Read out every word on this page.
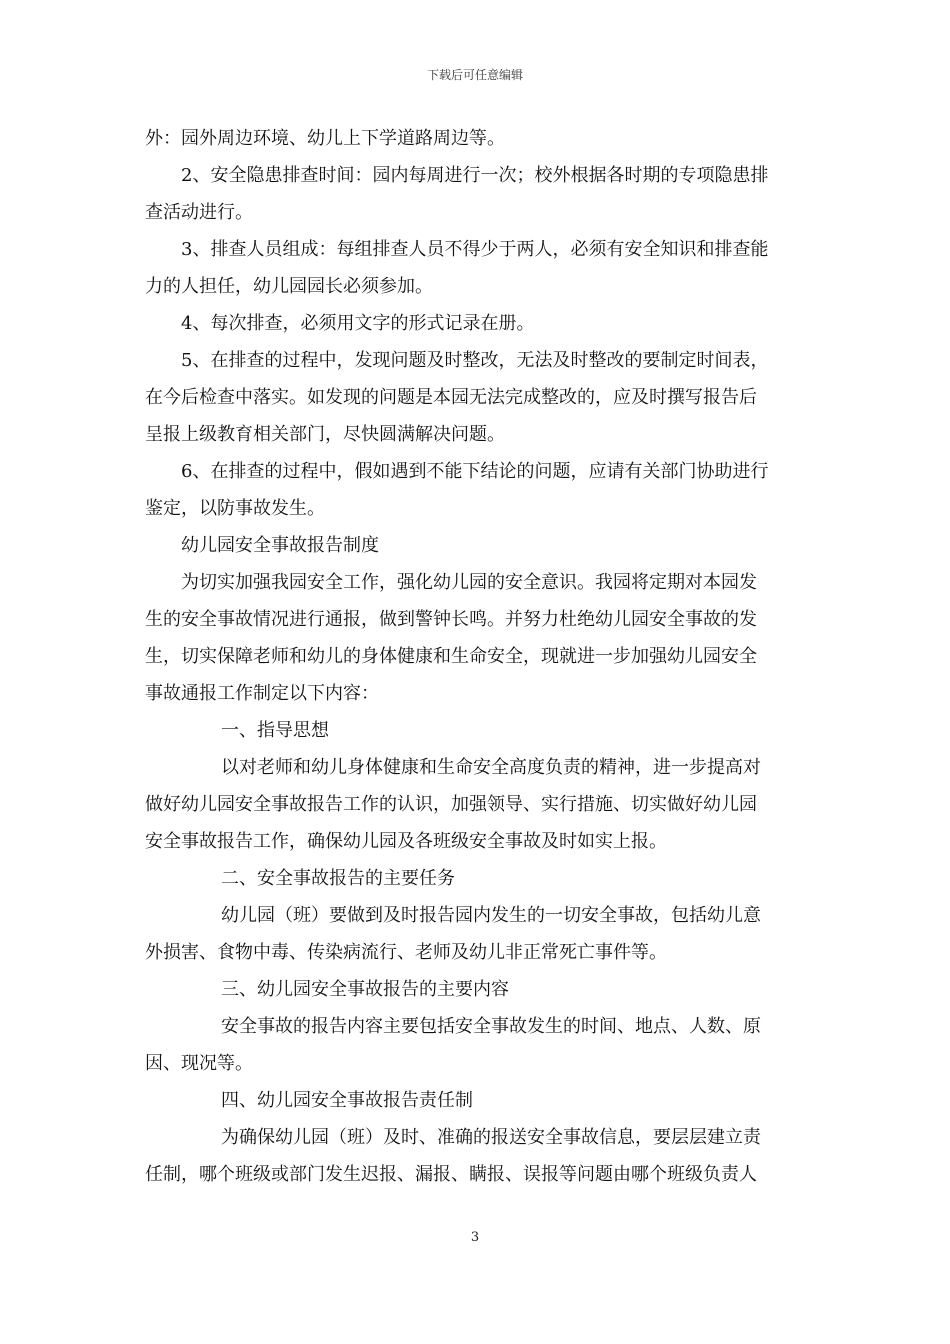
下载后可任意编辑
外：园外周边环境、幼儿上下学道路周边等。
2、安全隐患排查时间：园内每周进行一次；校外根据各时期的专项隐患排
查活动进行。
3、排查人员组成：每组排查人员不得少于两人，必须有安全知识和排查能
力的人担任，幼儿园园长必须参加。
4、每次排查，必须用文字的形式记录在册。
5、在排查的过程中，发现问题及时整改，无法及时整改的要制定时间表，
在今后检查中落实。如发现的问题是本园无法完成整改的，应及时撰写报告后
呈报上级教育相关部门，尽快圆满解决问题。
6、在排查的过程中，假如遇到不能下结论的问题，应请有关部门协助进行
鉴定，以防事故发生。
幼儿园安全事故报告制度
为切实加强我园安全工作，强化幼儿园的安全意识。我园将定期对本园发
生的安全事故情况进行通报，做到警钟长鸣。并努力杜绝幼儿园安全事故的发
生，切实保障老师和幼儿的身体健康和生命安全，现就进一步加强幼儿园安全
事故通报工作制定以下内容：
一、指导思想
以对老师和幼儿身体健康和生命安全高度负责的精神，进一步提高对
做好幼儿园安全事故报告工作的认识，加强领导、实行措施、切实做好幼儿园
安全事故报告工作，确保幼儿园及各班级安全事故及时如实上报。
二、安全事故报告的主要任务
幼儿园（班）要做到及时报告园内发生的一切安全事故，包括幼儿意
外损害、食物中毒、传染病流行、老师及幼儿非正常死亡事件等。
三、幼儿园安全事故报告的主要内容
安全事故的报告内容主要包括安全事故发生的时间、地点、人数、原
因、现况等。
四、幼儿园安全事故报告责任制
为确保幼儿园（班）及时、准确的报送安全事故信息，要层层建立责
任制，哪个班级或部门发生迟报、漏报、瞒报、误报等问题由哪个班级负责人
3
